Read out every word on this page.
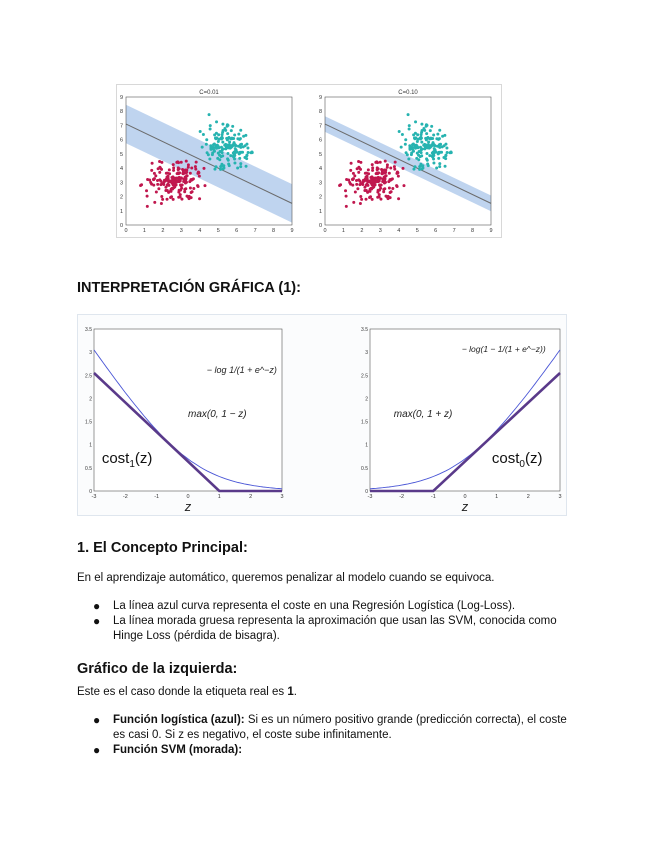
C=0.01
0	1	2	3	4	5	6	7	8	9
0
1
2
3
4
5
6
7
8
9
C=0.10
0	1	2	3	4	5	6	7	8	9
0
1
2
3
4
5
6
7
8
9
INTERPRETACIÓN GRÁFICA (1):
-3	-2	-1	0	1	2	3
0
0.5
1
1.5
2
2.5
3
3.5
z
− log 1/(1 + e^−z)
max(0, 1 − z)
cost$_1$(z)
-3	-2	-1	0	1	2	3
0
0.5
1
1.5
2
2.5
3
3.5
z
− log(1 − 1/(1 + e^−z))
max(0, 1 + z)
cost$_0$(z)
1. El Concepto Principal:
En el aprendizaje automático, queremos penalizar al modelo cuando se equivoca.
● La línea azul curva representa el coste en una Regresión Logística (Log-Loss).
● La línea morada gruesa representa la aproximación que usan las SVM, conocida como Hinge Loss (pérdida de bisagra).
Gráfico de la izquierda:
Este es el caso donde la etiqueta real es 1.
● Función logística (azul): Si es un número positivo grande (predicción correcta), el coste es casi 0. Si z es negativo, el coste sube infinitamente.
● Función SVM (morada):
